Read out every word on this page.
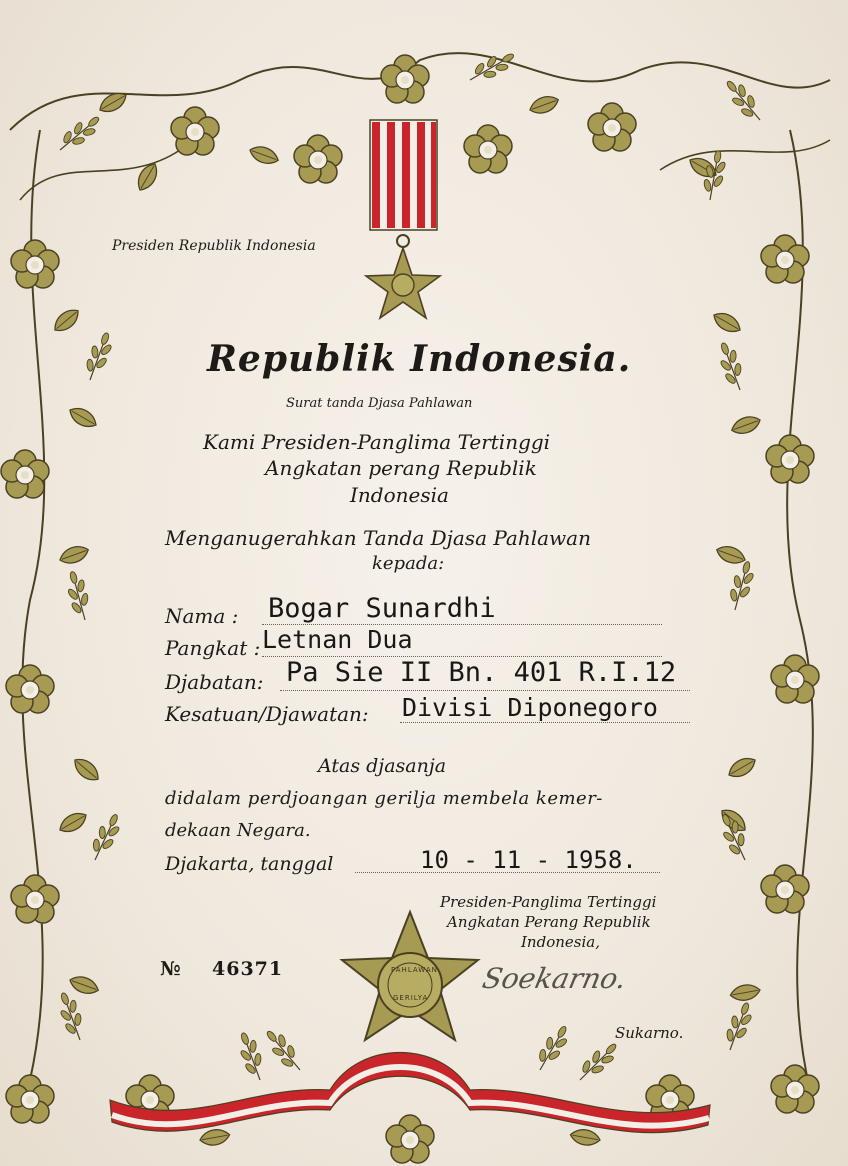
PAHLAWAN
GERILYA
Presiden Republik Indonesia
Republik Indonesia.
Surat tanda Djasa Pahlawan
Kami Presiden-Panglima Tertinggi
Angkatan perang Republik
Indonesia
Menganugerahkan Tanda Djasa Pahlawan
kepada:
Nama : Bogar Sunardhi
Pangkat : Letnan Dua
Djabatan: Pa Sie II Bn. 401 R.I.12
Kesatuan/Djawatan: Divisi Diponegoro
Atas djasanja
didalam perdjoangan gerilja membela kemer-
dekaan Negara.
Djakarta, tanggal	10 - 11 - 1958.
Presiden-Panglima Tertinggi
Angkatan Perang Republik
Indonesia,
Soekarno.
Sukarno.
№ 46371
